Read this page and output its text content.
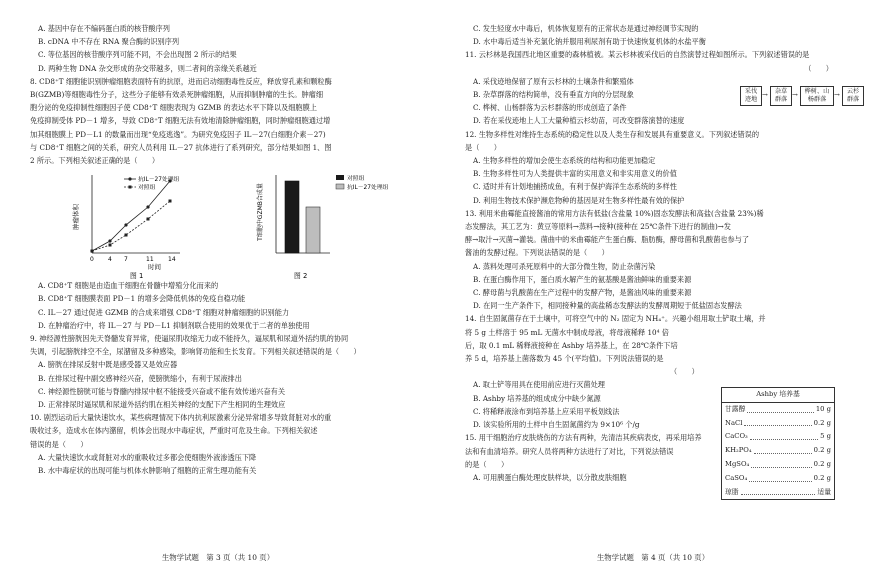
A. 基因中存在不编码蛋白质的核苷酸序列
B. cDNA 中不存在 RNA 聚合酶的识别序列
C. 等位基因的核苷酸序列可能不同，不会出现图 2 所示的结果
D. 两种生物 DNA 杂交形成的杂交带越多，则二者间的亲缘关系越近
8. CD8⁺T 细胞能识别肿瘤细胞表面特有的抗原，进而启动细胞毒性反应，释放穿孔素和颗粒酶
B(GZMB)等细胞毒性分子，这些分子能够有效杀死肿瘤细胞，从而抑制肿瘤的生长。肿瘤细
胞分泌的免疫抑制性细胞因子使 CD8⁺T 细胞表现为 GZMB 的表达水平下降以及细胞膜上
免疫抑制受体 PD－1 增多，导致 CD8⁺T 细胞无法有效地清除肿瘤细胞，同时肿瘤细胞通过增
加其细胞膜上 PD－L1 的数量而出现“免疫逃逸”。为研究免疫因子 IL－27(白细胞介素－27)
与 CD8⁺T 细胞之间的关系，研究人员利用 IL－27 抗体进行了系列研究，部分结果如图 1、图
2 所示。下列相关叙述正确的是（　　）
肿瘤体积
0 4 7	11 14
时间
图 1
抗IL－27处理组
对照组	T细胞中GZMB合成量
对照组
抗IL－27处理组
图 2
A. CD8⁺T 细胞是由造血干细胞在骨髓中增殖分化而来的
B. CD8⁺T 细胞膜表面 PD－1 的增多会降低机体的免疫自稳功能
C. IL－27 通过促进 GZMB 的合成来增强 CD8⁺T 细胞对肿瘤细胞的识别能力
D. 在肿瘤治疗中，将 IL－27 与 PD－L1 抑制剂联合使用的效果优于二者的单独使用
9. 神经源性膀胱因先天脊髓发育异常，使逼尿肌收缩无力或不能持久，逼尿肌和尿道外括约肌的协同
失调，引起膀胱排空不全，尿潴留及多种感染，影响肾功能和生长发育。下列相关叙述错误的是（　　）
A. 膀胱在排尿反射中既是感受器又是效应器
B. 在排尿过程中副交感神经兴奋，使膀胱缩小，有利于尿液排出
C. 神经源性膀胱可能与脊髓内排尿中枢不能接受兴奋或不能有效传递兴奋有关
D. 正常排尿时逼尿肌和尿道外括约肌在相关神经的支配下产生相同的生理效应
10. 剧烈运动后大量快速饮水，某些病理情况下体内抗利尿激素分泌异常增多导致肾脏对水的重
吸收过多，造成水在体内潴留，机体会出现水中毒症状，严重时可危及生命。下列相关叙述
错误的是（　　）
A. 大量快速饮水或肾脏对水的重吸收过多都会使细胞外液渗透压下降
B. 水中毒症状的出现可能与机体水肿影响了细胞的正常生理功能有关
生物学试题　第 3 页（共 10 页）
C. 发生轻度水中毒后，机体恢复原有的正常状态是通过神经调节实现的
D. 水中毒后适当补充氯化钠并服用利尿剂有助于快速恢复机体的水盐平衡
11. 云杉林是我国西北地区重要的森林植被。某云杉林被采伐后的自然演替过程如图所示。下列叙述错误的是
（　　）
A. 采伐迹地保留了原有云杉林的土壤条件和繁殖体
B. 杂草群落的结构简单，没有垂直方向的分层现象
C. 桦树、山杨群落为云杉群落的形成创造了条件
D. 若在采伐迹地上人工大量种植云杉幼苗，可改变群落演替的速度
12. 生物多样性对维持生态系统的稳定性以及人类生存和发展具有重要意义。下列叙述错误的
是（　　）
A. 生物多样性的增加会使生态系统的结构和功能更加稳定
B. 生物多样性可为人类提供丰富的实用意义和非实用意义的价值
C. 适时并有计划地捕捞成鱼，有利于保护海洋生态系统的多样性
D. 利用生物技术保护濒危物种的基因是对生物多样性最有效的保护
13. 利用米曲霉能直接酱油的常用方法有低盐(含盐量 10%)固态发酵法和高盐(含盐量 23%)稀
态发酵法，其工艺为：黄豆等原料→蒸料→接种(接种在 25℃条件下进行的制曲)→发
酵→取汁→灭菌→灌装。菌曲中的米曲霉能产生蛋白酶、脂肪酶，酵母菌和乳酸菌也参与了
酱油的发酵过程。下列说法错误的是（　　）
A. 蒸料处理可杀死原料中的大部分微生物，防止杂菌污染
B. 在蛋白酶作用下，蛋白质水解产生的氨基酸是酱油鲜味的重要来源
C. 酵母菌与乳酸菌在生产过程中的发酵产物，是酱油风味的重要来源
D. 在同一生产条件下，相同接种量的高盐稀态发酵法的发酵周期短于低盐固态发酵法
14. 自生固氮菌存在于土壤中，可将空气中的 N₂ 固定为 NH₄⁺。兴趣小组用取土铲取土壤，并
将 5 g 土样溶于 95 mL 无菌水中制成母液，将母液稀释 10⁴ 倍
后，取 0.1 mL 稀释液接种在 Ashby 培养基上，在 28℃条件下培
养 5 d，培养基上菌落数为 45 个(平均值)。下列说法错误的是
（　　）
A. 取土铲等用具在使用前应进行灭菌处理
B. Ashby 培养基的组成成分中缺少氮源
C. 将稀释液涂布到培养基上应采用平板划线法
D. 该实验所用的土样中自生固氮菌约为 9×10⁶ 个/g
15. 用干细胞治疗皮肤烧伤的方法有两种，先清洁其疾病表皮，再采用培养
法和有血清培养。研究人员将两种方法进行了对比，下列说法错误
的是（　　）
A. 可用胰蛋白酶处理皮肤样块，以分散皮肤细胞
采伐迹地
→	杂草群落
→	桦树、山杨群落
→	云杉群落
Ashby 培养基
甘露醇	10 g
NaCl	0.2 g
CaCO₃	5 g
KH₂PO₄	0.2 g
MgSO₄	0.2 g
CaSO₄	0.2 g
琼脂	适量
生物学试题　第 4 页（共 10 页）
